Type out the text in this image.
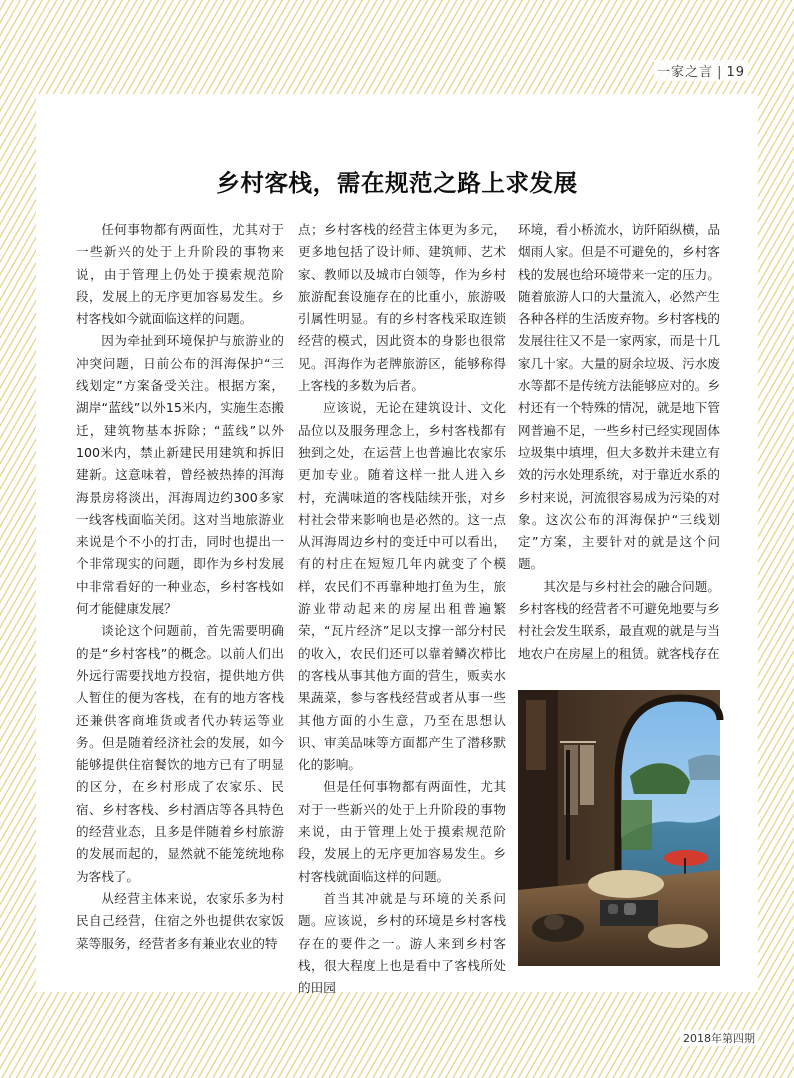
一家之言 | 19
乡村客栈，需在规范之路上求发展

任何事物都有两面性，尤其对于一些新兴的处于上升阶段的事物来说，由于管理上仍处于摸索规范阶段，发展上的无序更加容易发生。乡村客栈如今就面临这样的问题。

因为牵扯到环境保护与旅游业的冲突问题，日前公布的洱海保护“三线划定”方案备受关注。根据方案，湖岸“蓝线”以外15米内，实施生态搬迁，建筑物基本拆除；“蓝线”以外100米内，禁止新建民用建筑和拆旧建新。这意味着，曾经被热捧的洱海海景房将淡出，洱海周边约300多家一线客栈面临关闭。这对当地旅游业来说是个不小的打击，同时也提出一个非常现实的问题，即作为乡村发展中非常看好的一种业态，乡村客栈如何才能健康发展？

谈论这个问题前，首先需要明确的是“乡村客栈”的概念。以前人们出外远行需要找地方投宿，提供地方供人暂住的便为客栈，在有的地方客栈还兼供客商堆货或者代办转运等业务。但是随着经济社会的发展，如今能够提供住宿餐饮的地方已有了明显的区分，在乡村形成了农家乐、民宿、乡村客栈、乡村酒店等各具特色的经营业态，且多是伴随着乡村旅游的发展而起的，显然就不能笼统地称为客栈了。

从经营主体来说，农家乐多为村民自己经营，住宿之外也提供农家饭菜等服务，经营者多有兼业农业的特

点；乡村客栈的经营主体更为多元，更多地包括了设计师、建筑师、艺术家、教师以及城市白领等，作为乡村旅游配套设施存在的比重小，旅游吸引属性明显。有的乡村客栈采取连锁经营的模式，因此资本的身影也很常见。洱海作为老牌旅游区，能够称得上客栈的多数为后者。

应该说，无论在建筑设计、文化品位以及服务理念上，乡村客栈都有独到之处，在运营上也普遍比农家乐更加专业。随着这样一批人进入乡村，充满味道的客栈陆续开张，对乡村社会带来影响也是必然的。这一点从洱海周边乡村的变迁中可以看出，有的村庄在短短几年内就变了个模样，农民们不再靠种地打鱼为生，旅游业带动起来的房屋出租普遍繁荣，“瓦片经济”足以支撑一部分村民的收入，农民们还可以靠着鳞次栉比的客栈从事其他方面的营生，贩卖水果蔬菜，参与客栈经营或者从事一些其他方面的小生意，乃至在思想认识、审美品味等方面都产生了潜移默化的影响。

但是任何事物都有两面性，尤其对于一些新兴的处于上升阶段的事物来说，由于管理上处于摸索规范阶段，发展上的无序更加容易发生。乡村客栈就面临这样的问题。

首当其冲就是与环境的关系问题。应该说，乡村的环境是乡村客栈存在的要件之一。游人来到乡村客栈，很大程度上也是看中了客栈所处的田园

环境，看小桥流水，访阡陌纵横，品烟雨人家。但是不可避免的，乡村客栈的发展也给环境带来一定的压力。随着旅游人口的大量流入，必然产生各种各样的生活废弃物。乡村客栈的发展往往又不是一家两家，而是十几家几十家。大量的厨余垃圾、污水废水等都不是传统方法能够应对的。乡村还有一个特殊的情况，就是地下管网普遍不足，一些乡村已经实现固体垃圾集中填埋，但大多数并未建立有效的污水处理系统，对于靠近水系的乡村来说，河流很容易成为污染的对象。这次公布的洱海保护“三线划定”方案，主要针对的就是这个问题。

其次是与乡村社会的融合问题。乡村客栈的经营者不可避免地要与乡村社会发生联系，最直观的就是与当地农户在房屋上的租赁。就客栈存在

2018年第四期
